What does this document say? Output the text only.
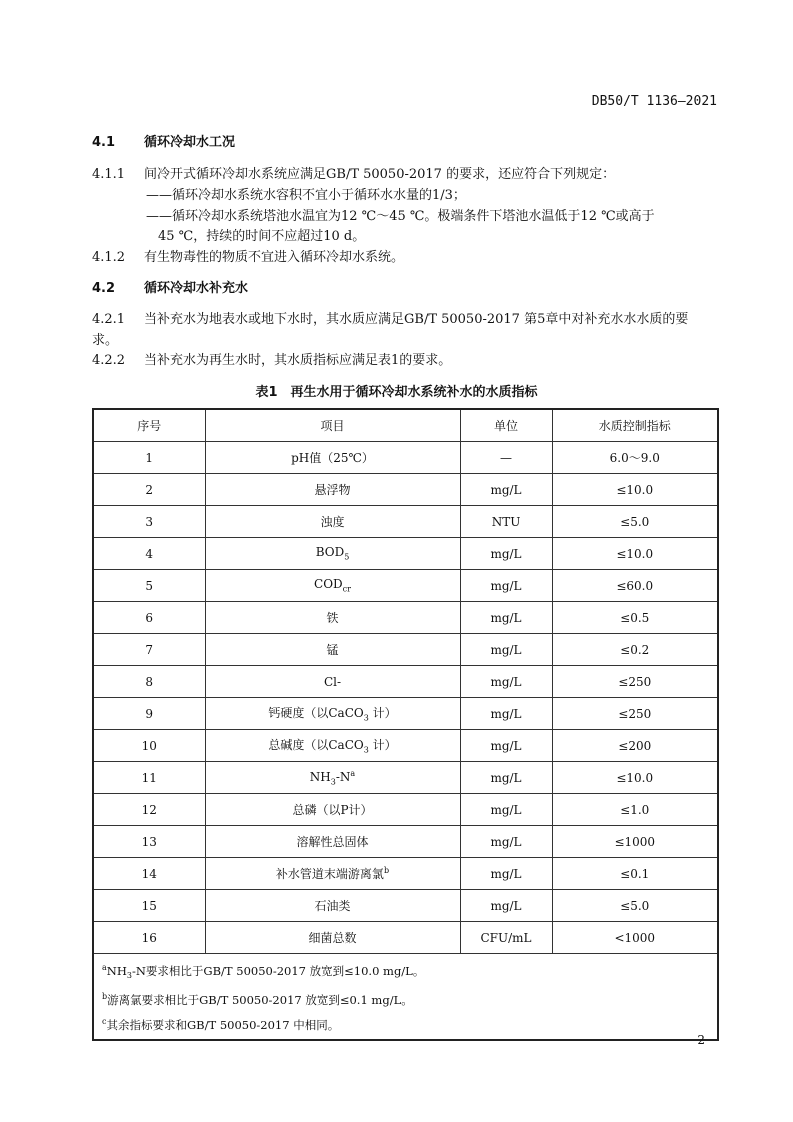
DB50/T 1136—2021
4.1 循环冷却水工况
4.1.1 间冷开式循环冷却水系统应满足GB/T 50050-2017 的要求，还应符合下列规定：
——循环冷却水系统水容积不宜小于循环水水量的1/3；
——循环冷却水系统塔池水温宜为12 ℃～45 ℃。极端条件下塔池水温低于12 ℃或高于
45 ℃，持续的时间不应超过10 d。
4.1.2 有生物毒性的物质不宜进入循环冷却水系统。
4.2 循环冷却水补充水
4.2.1 当补充水为地表水或地下水时，其水质应满足GB/T 50050-2017 第5章中对补充水水水质的要
求。
4.2.2 当补充水为再生水时，其水质指标应满足表1的要求。
表1　再生水用于循环冷却水系统补水的水质指标
序号	项目	单位	水质控制指标
1	pH值（25℃）	—	6.0～9.0
2	悬浮物	mg/L	≤10.0
3	浊度	NTU	≤5.0
4	$BOD_5$	mg/L	≤10.0
5	$COD_{cr}$	mg/L	≤60.0
6	铁	mg/L	≤0.5
7	锰	mg/L	≤0.2
8	Cl-	mg/L	≤250
9	钙硬度（以CaCO$_3$ 计）	mg/L	≤250
10	总碱度（以CaCO$_3$ 计）	mg/L	≤200
11	$NH_3-N^a$	mg/L	≤10.0
12	总磷（以P计）	mg/L	≤1.0
13	溶解性总固体	mg/L	≤1000
14	补水管道末端游离氯$^b$	mg/L	≤0.1
15	石油类	mg/L	≤5.0
16	细菌总数	CFU/mL	<1000

$^aNH_3-N$要求相比于GB/T 50050-2017 放宽到≤10.0 mg/L。
$^b$游离氯要求相比于GB/T 50050-2017 放宽到≤0.1 mg/L。
$^c$其余指标要求和GB/T 50050-2017 中相同。			
2
